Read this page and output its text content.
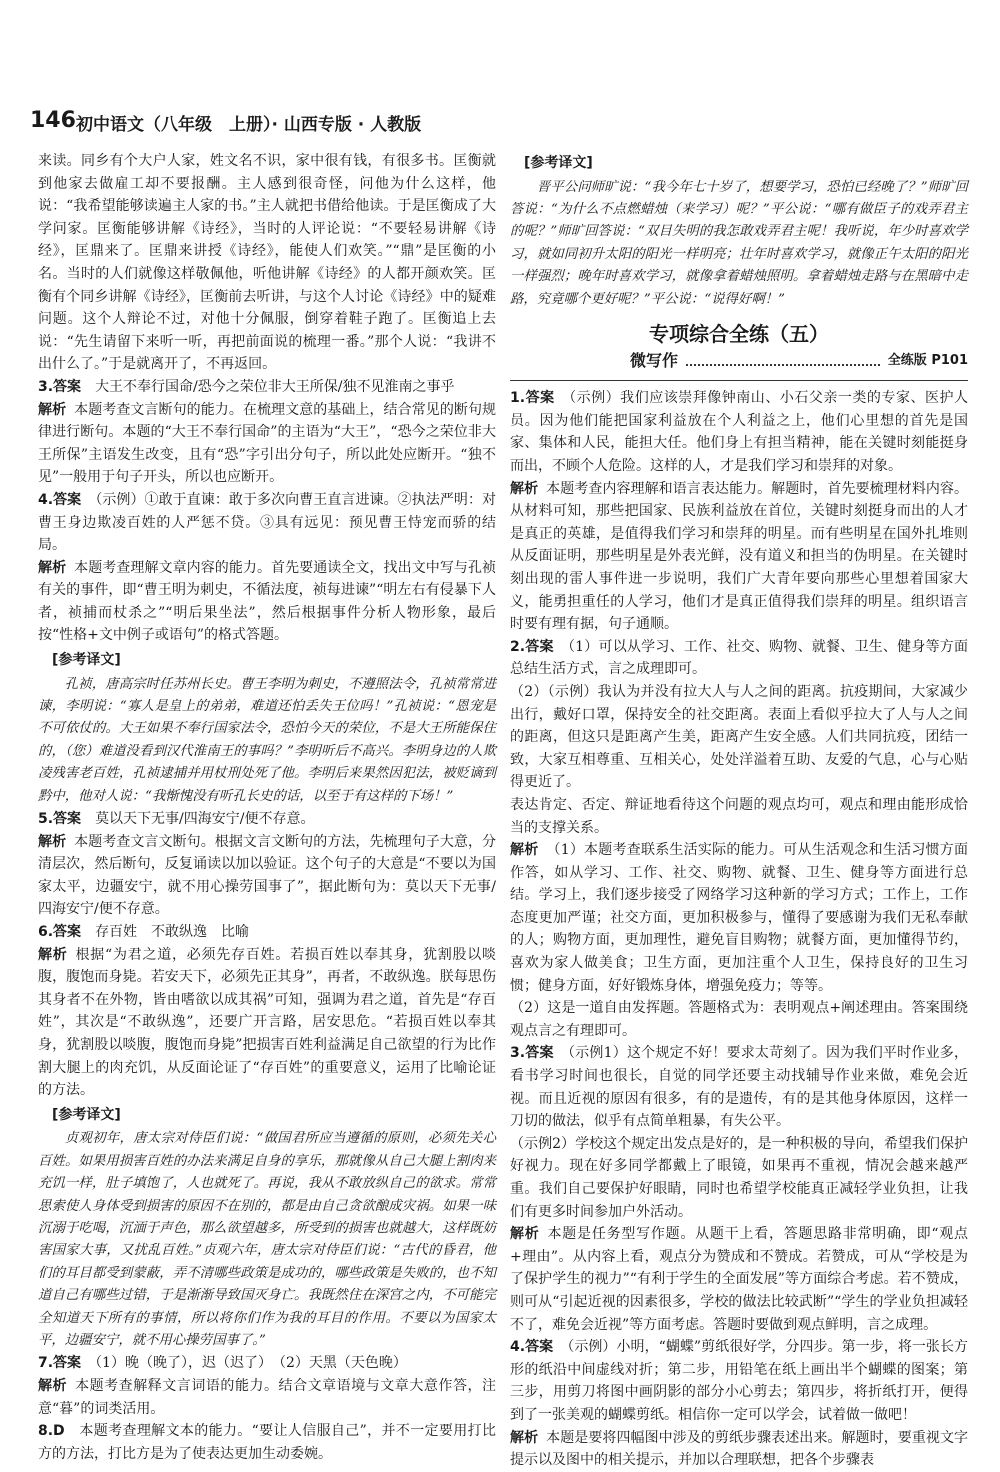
146 初中语文（八年级　上册）· 山西专版 · 人教版

来读。同乡有个大户人家，姓文名不识，家中很有钱，有很多书。匡衡就到他家去做雇工却不要报酬。主人感到很奇怪，问他为什么这样，他说：“我希望能够读遍主人家的书。”主人就把书借给他读。于是匡衡成了大学问家。匡衡能够讲解《诗经》，当时的人评论说：“不要轻易讲解《诗经》，匡鼎来了。匡鼎来讲授《诗经》，能使人们欢笑。”“鼎”是匡衡的小名。当时的人们就像这样敬佩他，听他讲解《诗经》的人都开颜欢笑。匡衡有个同乡讲解《诗经》，匡衡前去听讲，与这个人讨论《诗经》中的疑难问题。这个人辩论不过，对他十分佩服，倒穿着鞋子跑了。匡衡追上去说：“先生请留下来听一听，再把前面说的梳理一番。”那个人说：“我讲不出什么了。”于是就离开了，不再返回。

3.答案　 大王不奉行国命/恐今之荣位非大王所保/独不见淮南之事乎

解析 本题考查文言断句的能力。在梳理文意的基础上，结合常见的断句规律进行断句。本题的“大王不奉行国命”的主语为“大王”，“恐今之荣位非大王所保”主语发生改变，且有“恐”字引出分句子，所以此处应断开。“独不见”一般用于句子开头，所以也应断开。

4.答案　 （示例）①敢于直谏：敢于多次向曹王直言进谏。②执法严明：对曹王身边欺凌百姓的人严惩不贷。③具有远见：预见曹王恃宠而骄的结局。

解析 本题考查理解文章内容的能力。首先要通读全文，找出文中写与孔祯有关的事件，即“曹王明为刺史，不循法度，祯每进谏”“明左右有侵暴下人者，祯捕而杖杀之”“明后果坐法”，然后根据事件分析人物形象，最后按“性格+文中例子或语句”的格式答题。

[参考译文]

孔祯，唐高宗时任苏州长史。曹王李明为刺史，不遵照法令，孔祯常常进谏，李明说：“寡人是皇上的弟弟，难道还怕丢失王位吗！”孔祯说：“恩宠是不可依仗的。大王如果不奉行国家法令，恐怕今天的荣位，不是大王所能保住的，（您）难道没看到汉代淮南王的事吗？”李明听后不高兴。李明身边的人欺凌残害老百姓，孔祯逮捕并用杖刑处死了他。李明后来果然因犯法，被贬谪到黔中，他对人说：“我惭愧没有听孔长史的话，以至于有这样的下场！”

5.答案　 莫以天下无事/四海安宁/便不存意。

解析 本题考查文言文断句。根据文言文断句的方法，先梳理句子大意，分清层次，然后断句，反复诵读以加以验证。这个句子的大意是“不要以为国家太平，边疆安宁，就不用心操劳国事了”，据此断句为：莫以天下无事/四海安宁/便不存意。

6.答案　 存百姓　不敢纵逸　比喻

解析 根据“为君之道，必须先存百姓。若损百姓以奉其身，犹割股以啖腹，腹饱而身毙。若安天下，必须先正其身”，再者，不敢纵逸。朕每思伤其身者不在外物，皆由嗜欲以成其祸”可知，强调为君之道，首先是“存百姓”，其次是“不敢纵逸”，还要广开言路，居安思危。“若损百姓以奉其身，犹割股以啖腹，腹饱而身毙”把损害百姓利益满足自己欲望的行为比作割大腿上的肉充饥，从反面论证了“存百姓”的重要意义，运用了比喻论证的方法。

[参考译文]

贞观初年，唐太宗对侍臣们说：“做国君所应当遵循的原则，必须先关心百姓。如果用损害百姓的办法来满足自身的享乐，那就像从自己大腿上割肉来充饥一样，肚子填饱了，人也就死了。再说，我从不敢放纵自己的欲求。常常思索使人身体受到损害的原因不在别的，都是由自己贪欲酿成灾祸。如果一味沉溺于吃喝，沉湎于声色，那么欲望越多，所受到的损害也就越大，这样既妨害国家大事，又扰乱百姓。”贞观六年，唐太宗对侍臣们说：“古代的昏君，他们的耳目都受到蒙蔽，弄不清哪些政策是成功的，哪些政策是失败的，也不知道自己有哪些过错，于是渐渐导致国灭身亡。我既然住在深宫之内，不可能完全知道天下所有的事情，所以将你们作为我的耳目的作用。不要以为国家太平，边疆安宁，就不用心操劳国事了。”

7.答案　 （1）晚（晚了），迟（迟了）　（2）天黑（天色晚）

解析 本题考查解释文言词语的能力。结合文章语境与文章大意作答，注意“暮”的词类活用。

8.D　 本题考查理解文本的能力。“要让人信服自己”，并不一定要用打比方的方法，打比方是为了使表达更加生动委婉。

[参考译文]

晋平公问师旷说：“我今年七十岁了，想要学习，恐怕已经晚了？”师旷回答说：“为什么不点燃蜡烛（来学习）呢？”平公说：“哪有做臣子的戏弄君主的呢？”师旷回答说：“双目失明的我怎敢戏弄君主呢！我听说，年少时喜欢学习，就如同初升太阳的阳光一样明亮；壮年时喜欢学习，就像正午太阳的阳光一样强烈；晚年时喜欢学习，就像拿着蜡烛照明。拿着蜡烛走路与在黑暗中走路，究竟哪个更好呢？”平公说：“说得好啊！”

专项综合全练（五）
微写作	全练版 P101

1.答案　 （示例）我们应该崇拜像钟南山、小石父亲一类的专家、医护人员。因为他们能把国家利益放在个人利益之上，他们心里想的首先是国家、集体和人民，能担大任。他们身上有担当精神，能在关键时刻能挺身而出，不顾个人危险。这样的人，才是我们学习和崇拜的对象。

解析 本题考查内容理解和语言表达能力。解题时，首先要梳理材料内容。从材料可知，那些把国家、民族利益放在首位，关键时刻挺身而出的人才是真正的英雄，是值得我们学习和崇拜的明星。而有些明星在国外扎堆则从反面证明，那些明星是外表光鲜，没有道义和担当的伪明星。在关键时刻出现的雷人事件进一步说明，我们广大青年要向那些心里想着国家大义，能勇担重任的人学习，他们才是真正值得我们崇拜的明星。组织语言时要有理有据，句子通顺。

2.答案　 （1）可以从学习、工作、社交、购物、就餐、卫生、健身等方面总结生活方式，言之成理即可。

（2）（示例）我认为并没有拉大人与人之间的距离。抗疫期间，大家减少出行，戴好口罩，保持安全的社交距离。表面上看似乎拉大了人与人之间的距离，但这只是距离产生美，距离产生安全感。人们共同抗疫，团结一致，大家互相尊重、互相关心，处处洋溢着互助、友爱的气息，心与心贴得更近了。

表达肯定、否定、辩证地看待这个问题的观点均可，观点和理由能形成恰当的支撑关系。

解析 （1）本题考查联系生活实际的能力。可从生活观念和生活习惯方面作答，如从学习、工作、社交、购物、就餐、卫生、健身等方面进行总结。学习上，我们逐步接受了网络学习这种新的学习方式；工作上，工作态度更加严谨；社交方面，更加积极参与，懂得了要感谢为我们无私奉献的人；购物方面，更加理性，避免盲目购物；就餐方面，更加懂得节约，喜欢为家人做美食；卫生方面，更加注重个人卫生，保持良好的卫生习惯；健身方面，好好锻炼身体，增强免疫力；等等。

（2）这是一道自由发挥题。答题格式为：表明观点+阐述理由。答案围绕观点言之有理即可。

3.答案　 （示例1）这个规定不好！要求太苛刻了。因为我们平时作业多，看书学习时间也很长，自觉的同学还要主动找辅导作业来做，难免会近视。而且近视的原因有很多，有的是遗传，有的是其他身体原因，这样一刀切的做法，似乎有点简单粗暴，有失公平。

（示例2）学校这个规定出发点是好的，是一种积极的导向，希望我们保护好视力。现在好多同学都戴上了眼镜，如果再不重视，情况会越来越严重。我们自己要保护好眼睛，同时也希望学校能真正减轻学业负担，让我们有更多时间参加户外活动。

解析 本题是任务型写作题。从题干上看，答题思路非常明确，即“观点+理由”。从内容上看，观点分为赞成和不赞成。若赞成，可从“学校是为了保护学生的视力”“有利于学生的全面发展”等方面综合考虑。若不赞成，则可从“引起近视的因素很多，学校的做法比较武断”“学生的学业负担减轻不了，难免会近视”等方面考虑。答题时要做到观点鲜明，言之成理。

4.答案　 （示例）小明，“蝴蝶”剪纸很好学，分四步。第一步，将一张长方形的纸沿中间虚线对折；第二步，用铅笔在纸上画出半个蝴蝶的图案；第三步，用剪刀将图中画阴影的部分小心剪去；第四步，将折纸打开，便得到了一张美观的蝴蝶剪纸。相信你一定可以学会，试着做一做吧！

解析 本题是要将四幅图中涉及的剪纸步骤表述出来。解题时，要重视文字提示以及图中的相关提示，并加以合理联想，把各个步骤表
